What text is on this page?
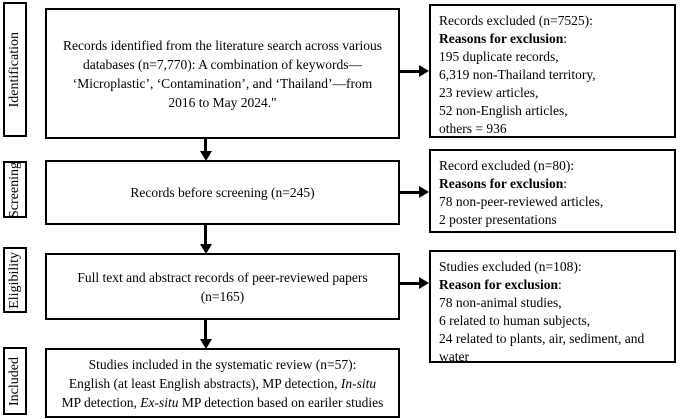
Identification
Screening
Eligibility
Included
Records identified from the literature search across various
databases (n=7,770): A combination of keywords—
‘Microplastic’, ‘Contamination’, and ‘Thailand’—from
2016 to May 2024."
Records before screening (n=245)
Full text and abstract records of peer-reviewed papers
(n=165)
Studies included in the systematic review (n=57):
English (at least English abstracts), MP detection, In-situ
MP detection, Ex-situ MP detection based on eariler studies
Records excluded (n=7525):
Reasons for exclusion:
195 duplicate records,
6,319 non-Thailand territory,
23 review articles,
52 non-English articles,
others = 936
Record excluded (n=80):
Reasons for exclusion:
78 non-peer-reviewed articles,
2 poster presentations
Studies excluded (n=108):
Reason for exclusion:
78 non-animal studies,
6 related to human subjects,
24 related to plants, air, sediment, and
water
